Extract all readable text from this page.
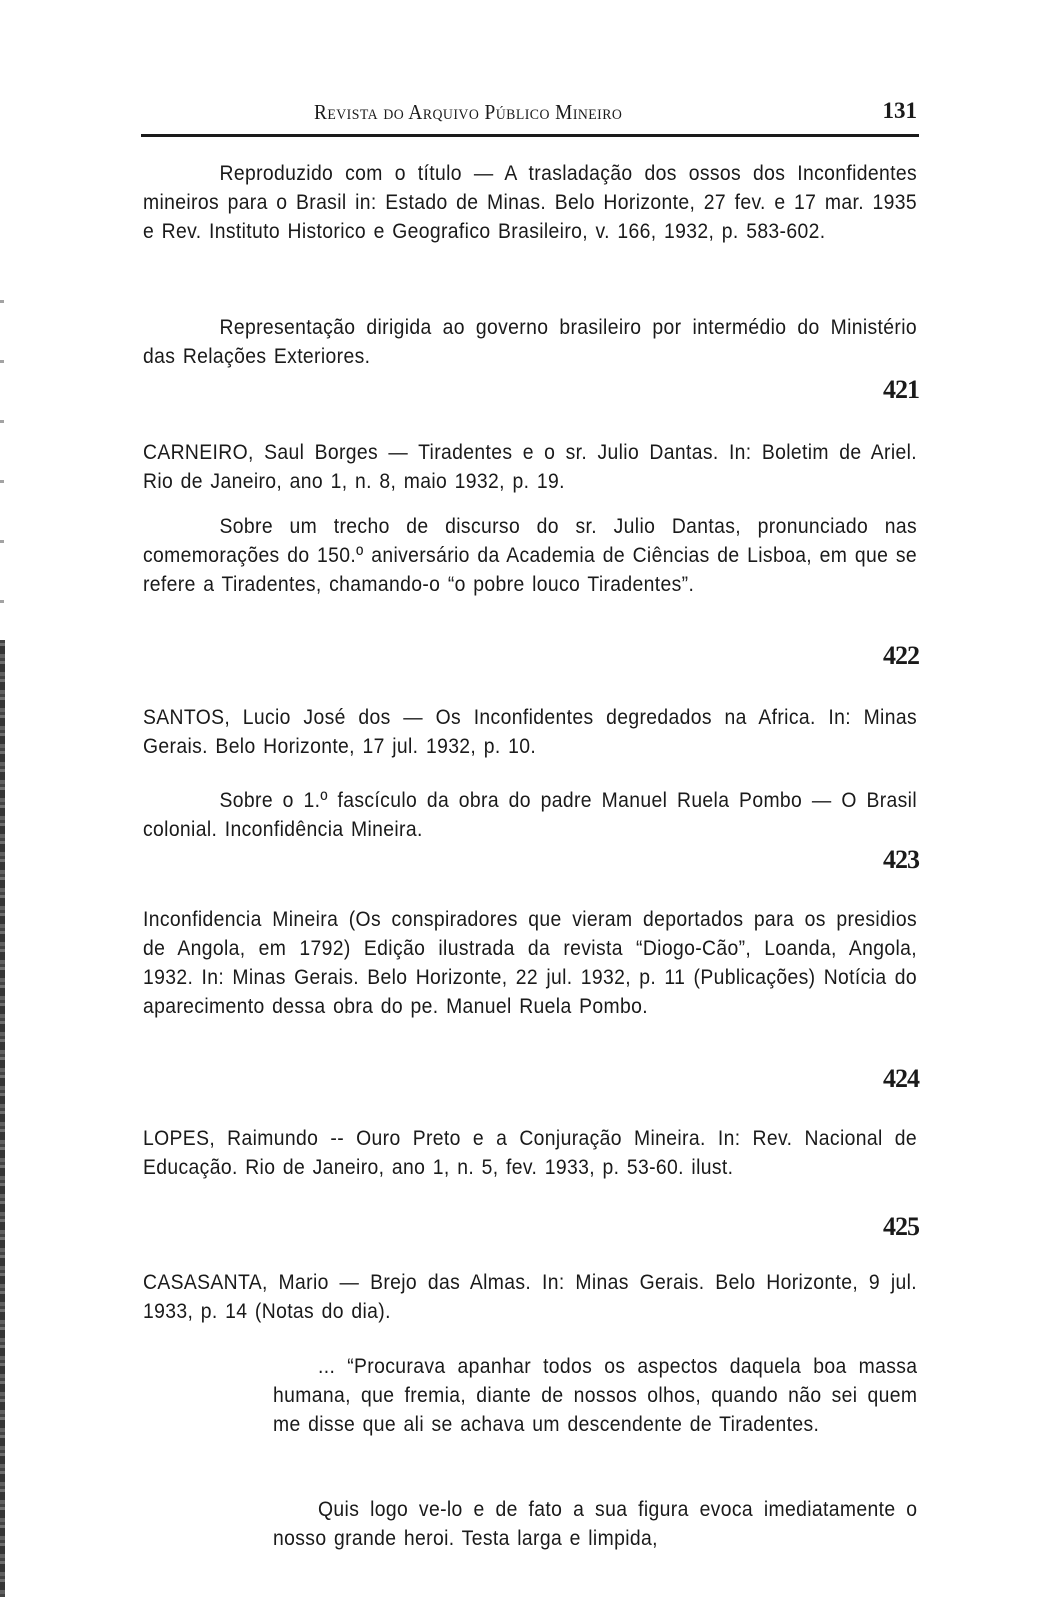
Revista do Arquivo Público Mineiro	131

Reproduzido com o título — A trasladação dos ossos dos Inconfidentes mineiros para o Brasil in: Estado de Minas. Belo Horizonte, 27 fev. e 17 mar. 1935 e Rev. Instituto Historico e Geografico Brasileiro, v. 166, 1932, p. 583-602.

Representação dirigida ao governo brasileiro por intermédio do Ministério das Relações Exteriores.

421

CARNEIRO, Saul Borges — Tiradentes e o sr. Julio Dantas. In: Boletim de Ariel. Rio de Janeiro, ano 1, n. 8, maio 1932, p. 19.

Sobre um trecho de discurso do sr. Julio Dantas, pronunciado nas comemorações do 150.º aniversário da Academia de Ciências de Lisboa, em que se refere a Tiradentes, chamando-o “o pobre louco Tiradentes”.

422

SANTOS, Lucio José dos — Os Inconfidentes degredados na Africa. In: Minas Gerais. Belo Horizonte, 17 jul. 1932, p. 10.

Sobre o 1.º fascículo da obra do padre Manuel Ruela Pombo — O Brasil colonial. Inconfidência Mineira.

423

Inconfidencia Mineira (Os conspiradores que vieram deportados para os presidios de Angola, em 1792) Edição ilustrada da revista “Diogo-Cão”, Loanda, Angola, 1932. In: Minas Gerais. Belo Horizonte, 22 jul. 1932, p. 11 (Publicações) Notícia do aparecimento dessa obra do pe. Manuel Ruela Pombo.

424

LOPES, Raimundo -- Ouro Preto e a Conjuração Mineira. In: Rev. Nacional de Educação. Rio de Janeiro, ano 1, n. 5, fev. 1933, p. 53-60. ilust.

425

CASASANTA, Mario — Brejo das Almas. In: Minas Gerais. Belo Horizonte, 9 jul. 1933, p. 14 (Notas do dia).

... “Procurava apanhar todos os aspectos daquela boa massa humana, que fremia, diante de nossos olhos, quando não sei quem me disse que ali se achava um descendente de Tiradentes.

Quis logo ve-lo e de fato a sua figura evoca imediatamente o nosso grande heroi. Testa larga e limpida,
